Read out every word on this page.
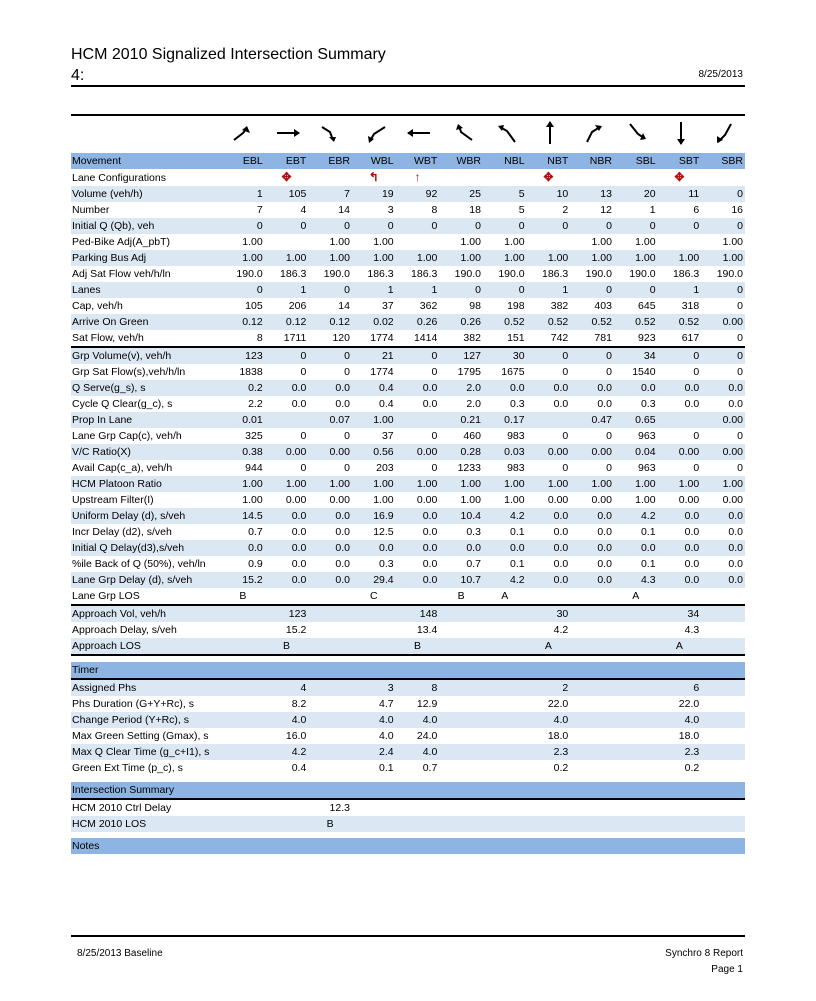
HCM 2010 Signalized Intersection Summary
4:	8/25/2013
Movement	EBL	EBT	EBR	WBL	WBT	WBR	NBL	NBT	NBR	SBL	SBT	SBR
Lane Configurations		✥		↰	↑			✥			✥	
Volume (veh/h)	1	105	7	19	92	25	5	10	13	20	11	0
Number	7	4	14	3	8	18	5	2	12	1	6	16
Initial Q (Qb), veh	0	0	0	0	0	0	0	0	0	0	0	0
Ped-Bike Adj(A_pbT)	1.00		1.00	1.00		1.00	1.00		1.00	1.00		1.00
Parking Bus Adj	1.00	1.00	1.00	1.00	1.00	1.00	1.00	1.00	1.00	1.00	1.00	1.00
Adj Sat Flow veh/h/ln	190.0	186.3	190.0	186.3	186.3	190.0	190.0	186.3	190.0	190.0	186.3	190.0
Lanes	0	1	0	1	1	0	0	1	0	0	1	0
Cap, veh/h	105	206	14	37	362	98	198	382	403	645	318	0
Arrive On Green	0.12	0.12	0.12	0.02	0.26	0.26	0.52	0.52	0.52	0.52	0.52	0.00
Sat Flow, veh/h	8	1711	120	1774	1414	382	151	742	781	923	617	0
Grp Volume(v), veh/h	123	0	0	21	0	127	30	0	0	34	0	0
Grp Sat Flow(s),veh/h/ln	1838	0	0	1774	0	1795	1675	0	0	1540	0	0
Q Serve(g_s), s	0.2	0.0	0.0	0.4	0.0	2.0	0.0	0.0	0.0	0.0	0.0	0.0
Cycle Q Clear(g_c), s	2.2	0.0	0.0	0.4	0.0	2.0	0.3	0.0	0.0	0.3	0.0	0.0
Prop In Lane	0.01		0.07	1.00		0.21	0.17		0.47	0.65		0.00
Lane Grp Cap(c), veh/h	325	0	0	37	0	460	983	0	0	963	0	0
V/C Ratio(X)	0.38	0.00	0.00	0.56	0.00	0.28	0.03	0.00	0.00	0.04	0.00	0.00
Avail Cap(c_a), veh/h	944	0	0	203	0	1233	983	0	0	963	0	0
HCM Platoon Ratio	1.00	1.00	1.00	1.00	1.00	1.00	1.00	1.00	1.00	1.00	1.00	1.00
Upstream Filter(I)	1.00	0.00	0.00	1.00	0.00	1.00	1.00	0.00	0.00	1.00	0.00	0.00
Uniform Delay (d), s/veh	14.5	0.0	0.0	16.9	0.0	10.4	4.2	0.0	0.0	4.2	0.0	0.0
Incr Delay (d2), s/veh	0.7	0.0	0.0	12.5	0.0	0.3	0.1	0.0	0.0	0.1	0.0	0.0
Initial Q Delay(d3),s/veh	0.0	0.0	0.0	0.0	0.0	0.0	0.0	0.0	0.0	0.0	0.0	0.0
%ile Back of Q (50%), veh/ln	0.9	0.0	0.0	0.3	0.0	0.7	0.1	0.0	0.0	0.1	0.0	0.0
Lane Grp Delay (d), s/veh	15.2	0.0	0.0	29.4	0.0	10.7	4.2	0.0	0.0	4.3	0.0	0.0
Lane Grp LOS	B			C		B	A			A		
Approach Vol, veh/h		123			148			30			34	
Approach Delay, s/veh		15.2			13.4			4.2			4.3	
Approach LOS		B			B			A			A	

Timer												
Assigned Phs		4		3	8			2			6	
Phs Duration (G+Y+Rc), s		8.2		4.7	12.9			22.0			22.0	
Change Period (Y+Rc), s		4.0		4.0	4.0			4.0			4.0	
Max Green Setting (Gmax), s		16.0		4.0	24.0			18.0			18.0	
Max Q Clear Time (g_c+I1), s		4.2		2.4	4.0			2.3			2.3	
Green Ext Time (p_c), s		0.4		0.1	0.7			0.2			0.2	

Intersection Summary												
HCM 2010 Ctrl Delay			12.3									
HCM 2010 LOS			B									

Notes												
8/25/2013 Baseline	Synchro 8 Report
Page 1
